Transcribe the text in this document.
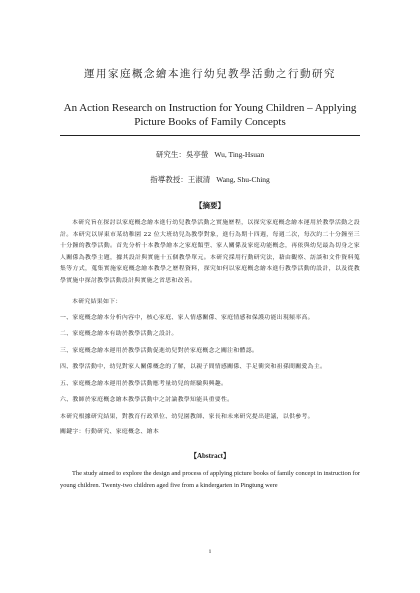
運用家庭概念繪本進行幼兒教學活動之行動研究

An Action Research on Instruction for Young Children – Applying Picture Books of Family Concepts

研究生：吳亭螢 Wu, Ting-Hsuan

指導教授：王淑清 Wang, Shu-Ching

【摘要】

本研究旨在探討以家庭概念繪本進行幼兒教學活動之實施歷程，以探究家庭概念繪本運用於教學活動之設計。本研究以屏東市某幼稚園 22 位大班幼兒為教學對象，進行為期十四週，每週二次，每次約二十分鐘至三十分鐘的教學活動。首先分析十本教學繪本之家庭類型、家人關係及家庭功能概念，再依與幼兒最為切身之家人關係為教學主題，據其設計與實施十五個教學單元。本研究採用行動研究法，藉由觀察、訪談和文件資料蒐集等方式，蒐集實施家庭概念繪本教學之歷程資料，探究如何以家庭概念繪本進行教學活動的設計，以及從教學實施中探討教學活動設計與實施之省思和改善。

本研究結果如下：

一、家庭概念繪本分析內容中，核心家庭、家人情感關係、家庭情感和保護功能出現頻率高。

二、家庭概念繪本有助於教學活動之設計。

三、家庭概念繪本運用於教學活動促進幼兒對於家庭概念之關注和體認。

四、教學活動中，幼兒對家人關係概念的了解，以親子間情感關係、手足衝突和祖孫間關愛為主。

五、家庭概念繪本運用於教學活動應考量幼兒的經驗與興趣。

六、教師於家庭概念繪本教學活動中之討論教學知能具重要性。

本研究根據研究結果，對教育行政單位、幼兒園教師、家長和未來研究提出建議，以供參考。

關鍵字：行動研究、家庭概念、繪本

【Abstract】

The study aimed to explore the design and process of applying picture books of family concept in instruction for young children. Twenty-two children aged five from a kindergarten in Pingtung were

i
